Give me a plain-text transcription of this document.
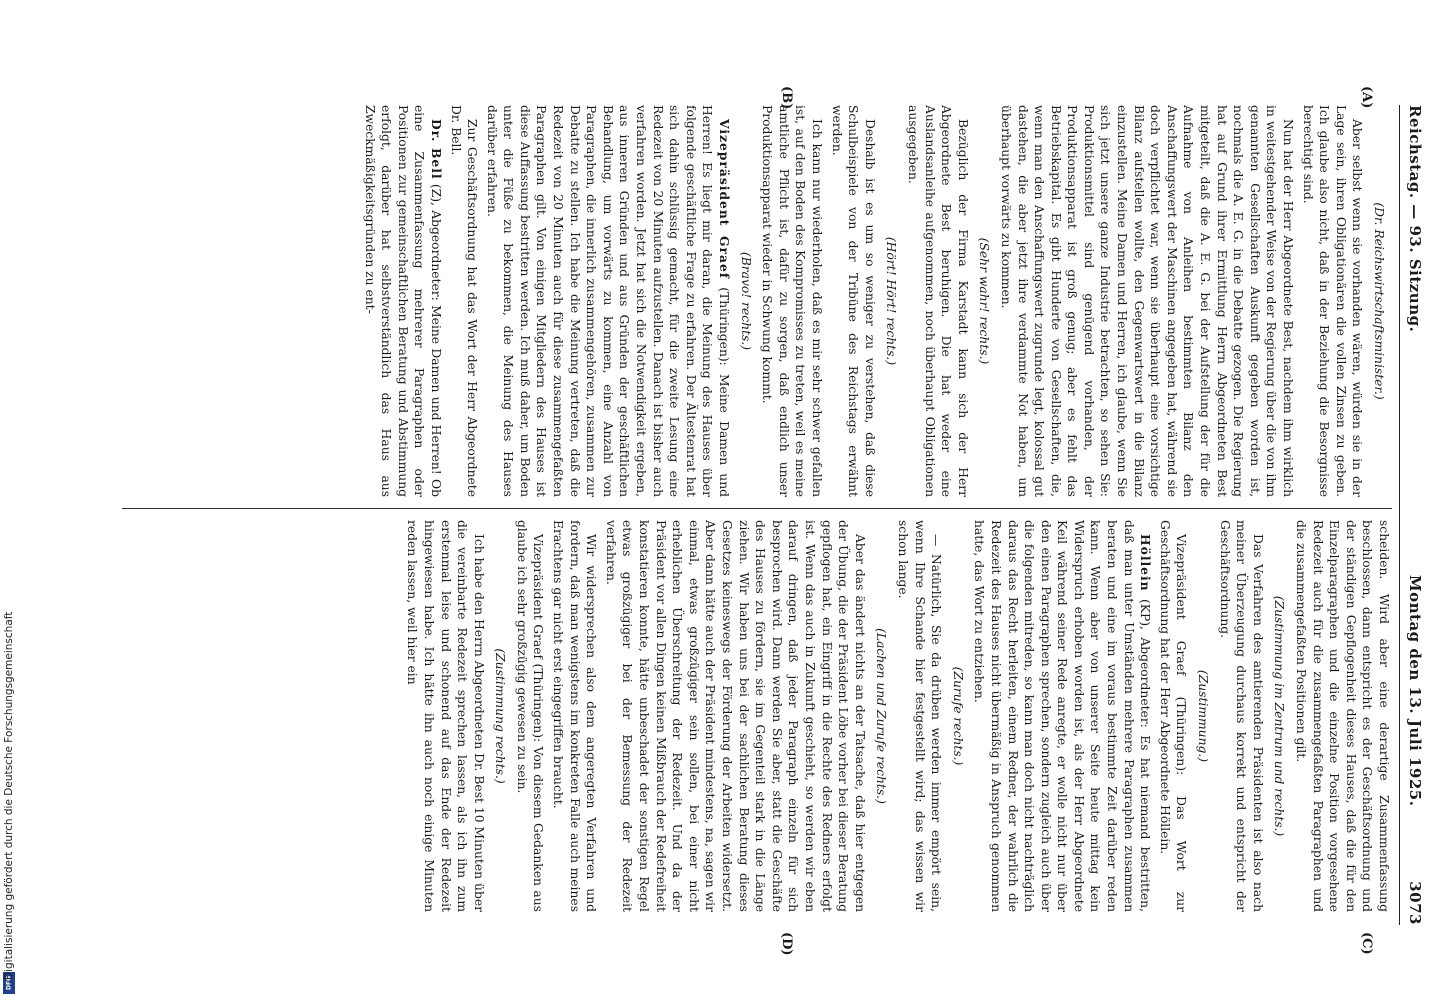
DFG
Digitalisierung gefördert durch die Deutsche Forschungsgemeinschaft
Reichstag. — 93. Sitzung.
Montag den 13. Juli 1925.
3073
(A)
(B)
(C)
(D)

(Dr. Reichswirtschaftsminister.)

Aber selbst wenn sie vorhanden wären, würden sie in der Lage sein, ihren Obligationären die vollen Zinsen zu geben. Ich glaube also nicht, daß in der Beziehung die Besorgnisse berechtigt sind.

Nun hat der Herr Abgeordnete Best, nachdem ihm wirklich in weitestgehender Weise von der Regierung über die von ihm genannten Gesellschaften Auskunft gegeben worden ist, nochmals die A. E. G. in die Debatte gezogen. Die Regierung hat auf Grund ihrer Ermittlung Herrn Abgeordneten Best mitgeteilt, daß die A. E. G. bei der Aufstellung der für die Aufnahme von Anleihen bestimmten Bilanz den Anschaffungswert der Maschinen angegeben hat, während sie doch verpflichtet war, wenn sie überhaupt eine vorsichtige Bilanz aufstellen wollte, den Gegenwartswert in die Bilanz einzustellen. Meine Damen und Herren, ich glaube, wenn Sie sich jetzt unsere ganze Industrie betrachten, so sehen Sie: Produktionsmittel sind genügend vorhanden, der Produktionsapparat ist groß genug; aber es fehlt das Betriebskapital. Es gibt Hunderte von Gesellschaften, die, wenn man den Anschaffungswert zugrunde legt, kolossal gut dastehen, die aber jetzt ihre verdammte Not haben, um überhaupt vorwärts zu kommen.

(Sehr wahr! rechts.)

Bezüglich der Firma Karstadt kann sich der Herr Abgeordnete Best beruhigen. Die hat weder eine Auslandsanleihe aufgenommen, noch überhaupt Obligationen ausgegeben.

(Hört! Hört! rechts.)

Deshalb ist es um so weniger zu verstehen, daß diese Schulbeispiele von der Tribüne des Reichstags erwähnt werden.

Ich kann nur wiederholen, daß es mir sehr schwer gefallen ist, auf den Boden des Kompromisses zu treten, weil es meine amtliche Pflicht ist, dafür zu sorgen, daß endlich unser Produktionsapparat wieder in Schwung kommt.

(Bravo! rechts.)

Vizepräsident Graef (Thüringen): Meine Damen und Herren! Es liegt mir daran, die Meinung des Hauses über folgende geschäftliche Frage zu erfahren. Der Ältestenrat hat sich dahin schlüssig gemacht, für die zweite Lesung eine Redezeit von 20 Minuten aufzustellen. Danach ist bisher auch verfahren worden. Jetzt hat sich die Notwendigkeit ergeben, aus inneren Gründen und aus Gründen der geschäftlichen Behandlung, um vorwärts zu kommen, eine Anzahl von Paragraphen, die innerlich zusammengehören, zusammen zur Debatte zu stellen. Ich habe die Meinung vertreten, daß die Redezeit von 20 Minuten auch für diese zusammengefaßten Paragraphen gilt. Von einigen Mitgliedern des Hauses ist diese Auffassung bestritten werden. Ich muß daher, um Boden unter die Füße zu bekommen, die Meinung des Hauses darüber erfahren.

Zur Geschäftsordnung hat das Wort der Herr Abgeordnete Dr. Bell.

Dr. Bell (Z), Abgeordneter: Meine Damen und Herren! Ob eine Zusammenfassung mehrerer Paragraphen oder Positionen zur gemeinschaftlichen Beratung und Abstimmung erfolgt, darüber hat selbstverständlich das Haus aus Zweckmäßigkeitsgründen zu ent-

scheiden. Wird aber eine derartige Zusammenfassung beschlossen, dann entspricht es der Geschäftsordnung und der ständigen Gepflogenheit dieses Hauses, daß die für den Einzelparagraphen und die einzelne Position vorgesehene Redezeit auch für die zusammengefaßten Paragraphen und die zusammengefaßten Positionen gilt.

(Zustimmung im Zentrum und rechts.)

Das Verfahren des amtierenden Präsidenten ist also nach meiner Überzeugung durchaus korrekt und entspricht der Geschäftsordnung.

(Zustimmung.)

Vizepräsident Graef (Thüringen): Das Wort zur Geschäftsordnung hat der Herr Abgeordnete Höllein.

Höllein (KP), Abgeordneter: Es hat niemand bestritten, daß man unter Umständen mehrere Paragraphen zusammen beraten und eine im voraus bestimmte Zeit darüber reden kann. Wenn aber von unserer Seite heute mittag kein Widerspruch erhoben worden ist, als der Herr Abgeordnete Keil während seiner Rede anregte, er wolle nicht nur über den einen Paragraphen sprechen, sondern zugleich auch über die folgenden mitreden, so kann man doch nicht nachträglich daraus das Recht herleiten, einem Redner, der wahrlich die Redezeit des Hauses nicht übermäßig in Anspruch genommen hatte, das Wort zu entziehen.

(Zurufe rechts.)

— Natürlich, Sie da drüben werden immer empört sein, wenn Ihre Schande hier festgestellt wird; das wissen wir schon lange.

(Lachen und Zurufe rechts.)

Aber das ändert nichts an der Tatsache, daß hier entgegen der Übung, die der Präsident Löbe vorher bei dieser Beratung gepflogen hat, ein Eingriff in die Rechte des Redners erfolgt ist. Wenn das auch in Zukunft geschieht, so werden wir eben darauf dringen, daß jeder Paragraph einzeln für sich besprochen wird. Dann werden Sie aber, statt die Geschäfte des Hauses zu fördern, sie im Gegenteil stark in die Länge ziehen. Wir haben uns bei der sachlichen Beratung dieses Gesetzes keineswegs der Förderung der Arbeiten widersetzt. Aber dann hätte auch der Präsident mindestens, na, sagen wir einmal, etwas großzügiger sein sollen, bei einer nicht erheblichen Überschreitung der Redezeit. Und da der Präsident vor allen Dingen keinen Mißbrauch der Redefreiheit konstatieren konnte, hätte unbeschadet der sonstigen Regel etwas großzügiger bei der Bemessung der Redezeit verfahren.

Wir widersprechen also dem angeregten Verfahren und fordern, daß man wenigstens im konkreten Falle auch meines Erachtens gar nicht erst eingegriffen braucht.

Vizepräsident Graef (Thüringen): Von diesem Gedanken aus glaube ich sehr großzügig gewesen zu sein.

(Zustimmung rechts.)

Ich habe den Herrn Abgeordneten Dr. Best 10 Minuten über die vereinbarte Redezeit sprechen lassen, als ich ihn zum erstenmal leise und schonend auf das Ende der Redezeit hingewiesen habe. Ich hätte ihn auch noch einige Minuten reden lassen, weil hier ein
